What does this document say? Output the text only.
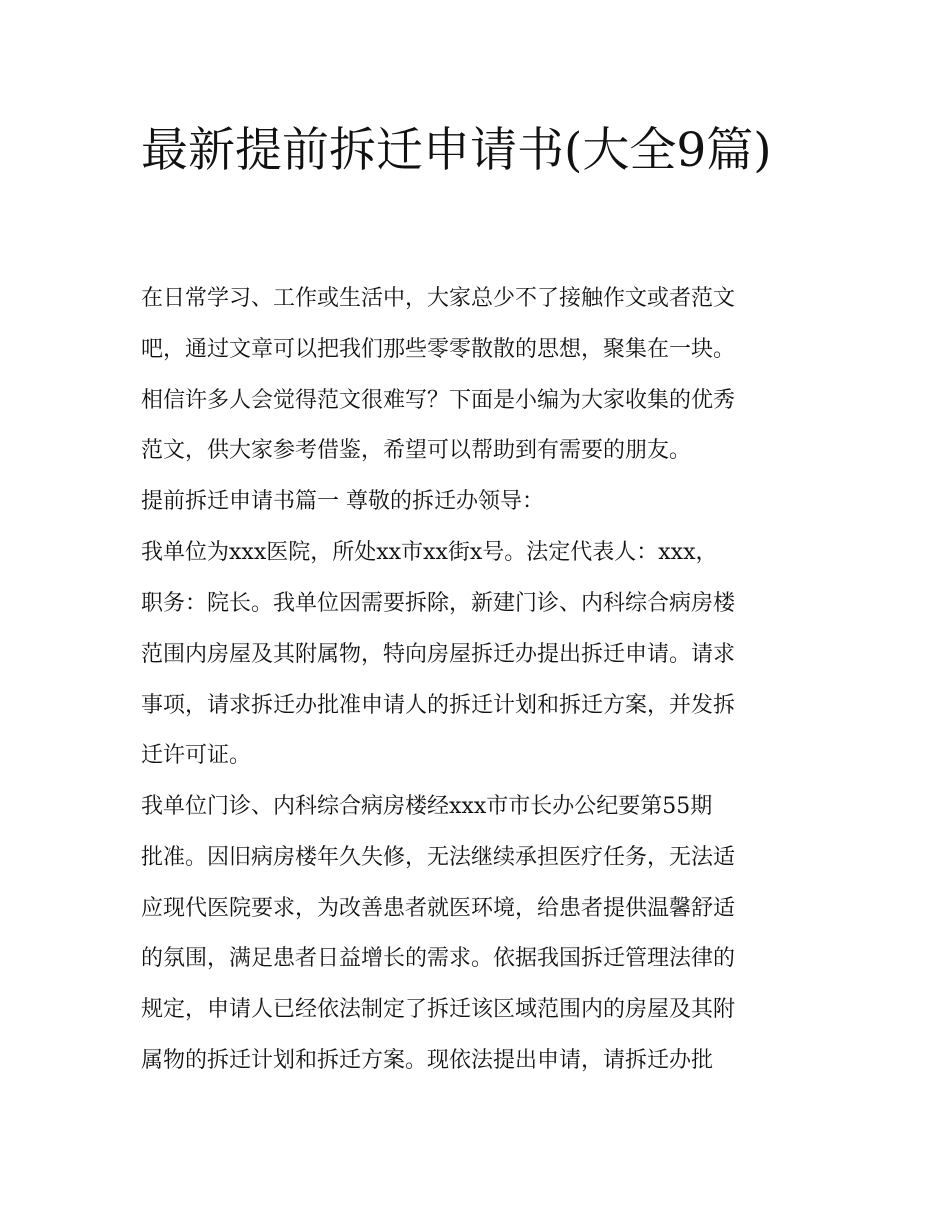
最新提前拆迁申请书(大全9篇)

在日常学习、工作或生活中，大家总少不了接触作文或者范文

吧，通过文章可以把我们那些零零散散的思想，聚集在一块。

相信许多人会觉得范文很难写？下面是小编为大家收集的优秀

范文，供大家参考借鉴，希望可以帮助到有需要的朋友。

提前拆迁申请书篇一 尊敬的拆迁办领导：

我单位为xxx医院，所处xx市xx街x号。法定代表人：xxx，

职务：院长。我单位因需要拆除，新建门诊、内科综合病房楼

范围内房屋及其附属物，特向房屋拆迁办提出拆迁申请。请求

事项，请求拆迁办批准申请人的拆迁计划和拆迁方案，并发拆

迁许可证。

我单位门诊、内科综合病房楼经xxx市市长办公纪要第55期

批准。因旧病房楼年久失修，无法继续承担医疗任务，无法适

应现代医院要求，为改善患者就医环境，给患者提供温馨舒适

的氛围，满足患者日益增长的需求。依据我国拆迁管理法律的

规定，申请人已经依法制定了拆迁该区域范围内的房屋及其附

属物的拆迁计划和拆迁方案。现依法提出申请，请拆迁办批
